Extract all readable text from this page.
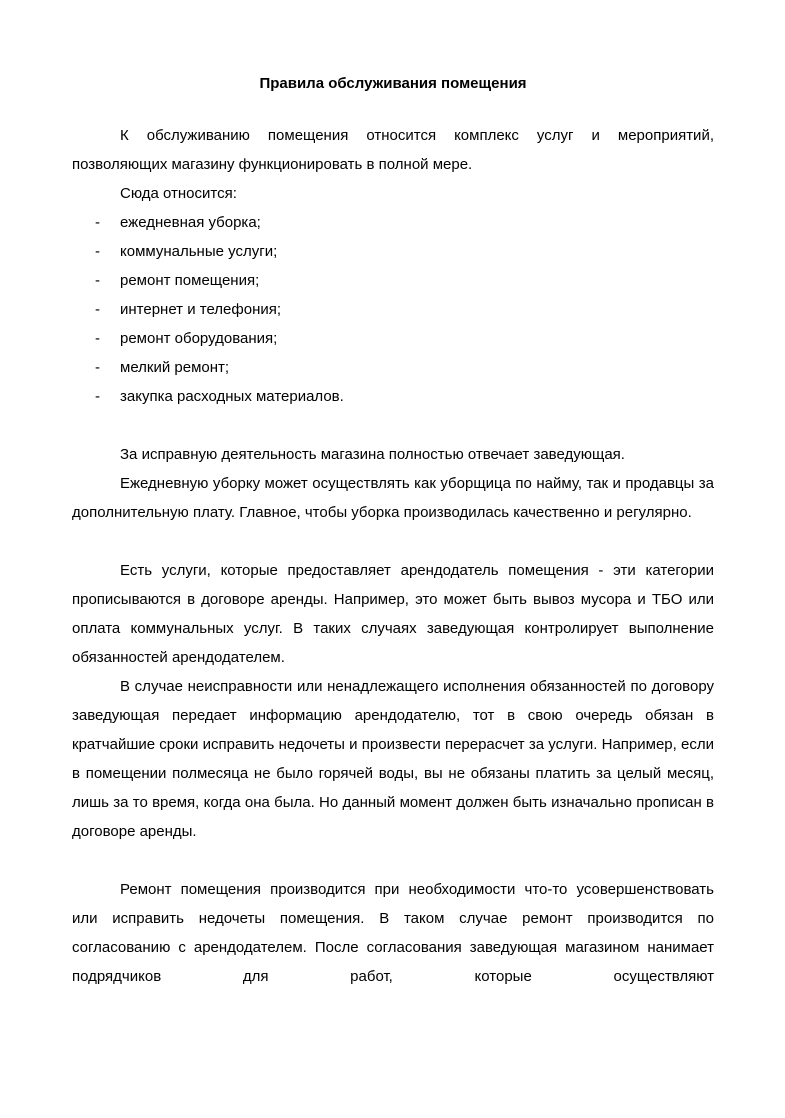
Правила обслуживания помещения

К обслуживанию помещения относится комплекс услуг и мероприятий, позволяющих магазину функционировать в полной мере.

Сюда относится:

- ежедневная уборка;
- коммунальные услуги;
- ремонт помещения;
- интернет и телефония;
- ремонт оборудования;
- мелкий ремонт;
- закупка расходных материалов.

За исправную деятельность магазина полностью отвечает заведующая.

Ежедневную уборку может осуществлять как уборщица по найму, так и продавцы за дополнительную плату. Главное, чтобы уборка производилась качественно и регулярно.

Есть услуги, которые предоставляет арендодатель помещения - эти категории прописываются в договоре аренды. Например, это может быть вывоз мусора и ТБО или оплата коммунальных услуг. В таких случаях заведующая контролирует выполнение обязанностей арендодателем.

В случае неисправности или ненадлежащего исполнения обязанностей по договору заведующая передает информацию арендодателю, тот в свою очередь обязан в кратчайшие сроки исправить недочеты и произвести перерасчет за услуги. Например, если в помещении полмесяца не было горячей воды, вы не обязаны платить за целый месяц, лишь за то время, когда она была. Но данный момент должен быть изначально прописан в договоре аренды.

Ремонт помещения производится при необходимости что-то усовершенствовать или исправить недочеты помещения. В таком случае ремонт производится по согласованию с арендодателем. После согласования заведующая магазином нанимает подрядчиков для работ, которые осуществляют
